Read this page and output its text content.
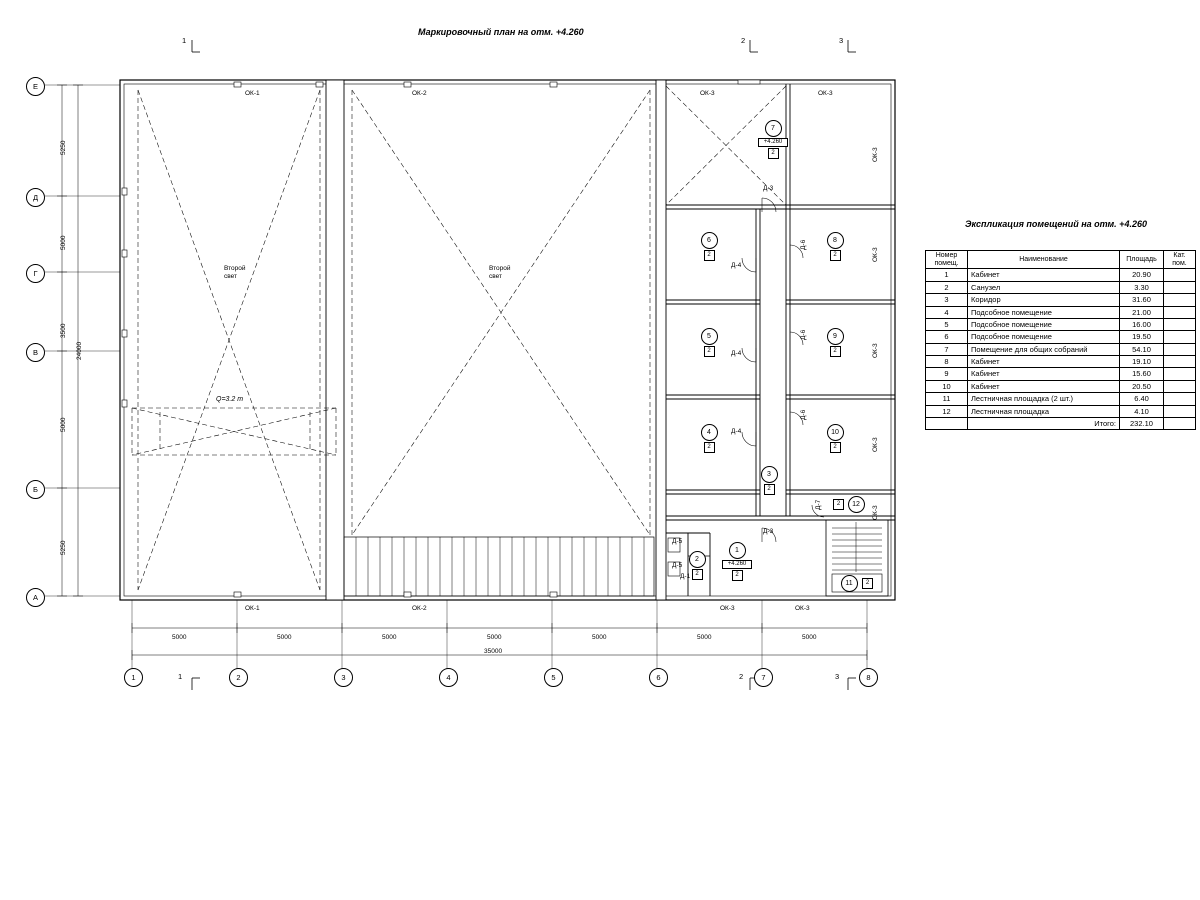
Маркировочный план на отм. +4.260
Экспликация помещений на отм. +4.260
Номер помещ.	Наименование	Площадь	Кат. пом.
1	Кабинет	20.90	
2	Санузел	3.30	
3	Коридор	31.60	
4	Подсобное помещение	21.00	
5	Подсобное помещение	16.00	
6	Подсобное помещение	19.50	
7	Помещение для общих собраний	54.10	
8	Кабинет	19.10	
9	Кабинет	15.60	
10	Кабинет	20.50	
11	Лестничная площадка (2 шт.)	6.40	
12	Лестничная площадка	4.10	
	Итого:	232.10	
Е
Д
Г
В
Б
А
1	2	3	4	5	6	7	8
5250
5000
3500
5000
5250
24000
5000	5000	5000	5000	5000	5000	5000
35000
1	2	3
1	2	3
ОК-1	ОК-2	ОК-3	ОК-3
ОК-1	ОК-2	ОК-3	ОК-3
ОК-3
ОК-3
ОК-3
ОК-3
ОК-3
Д-3
Д-4
Д-6
Д-4
Д-6
Д-4
Д-6
Д-3
Д-5
Д-5
Д-1
Д-7
Второй
свет
Второй
свет
Q=3.2 т
7
+4.260
2
6
2
8
2
5
2
9
2
4
2
10
2
3
2
1
+4.260
2
2
2
11	2
12
2
